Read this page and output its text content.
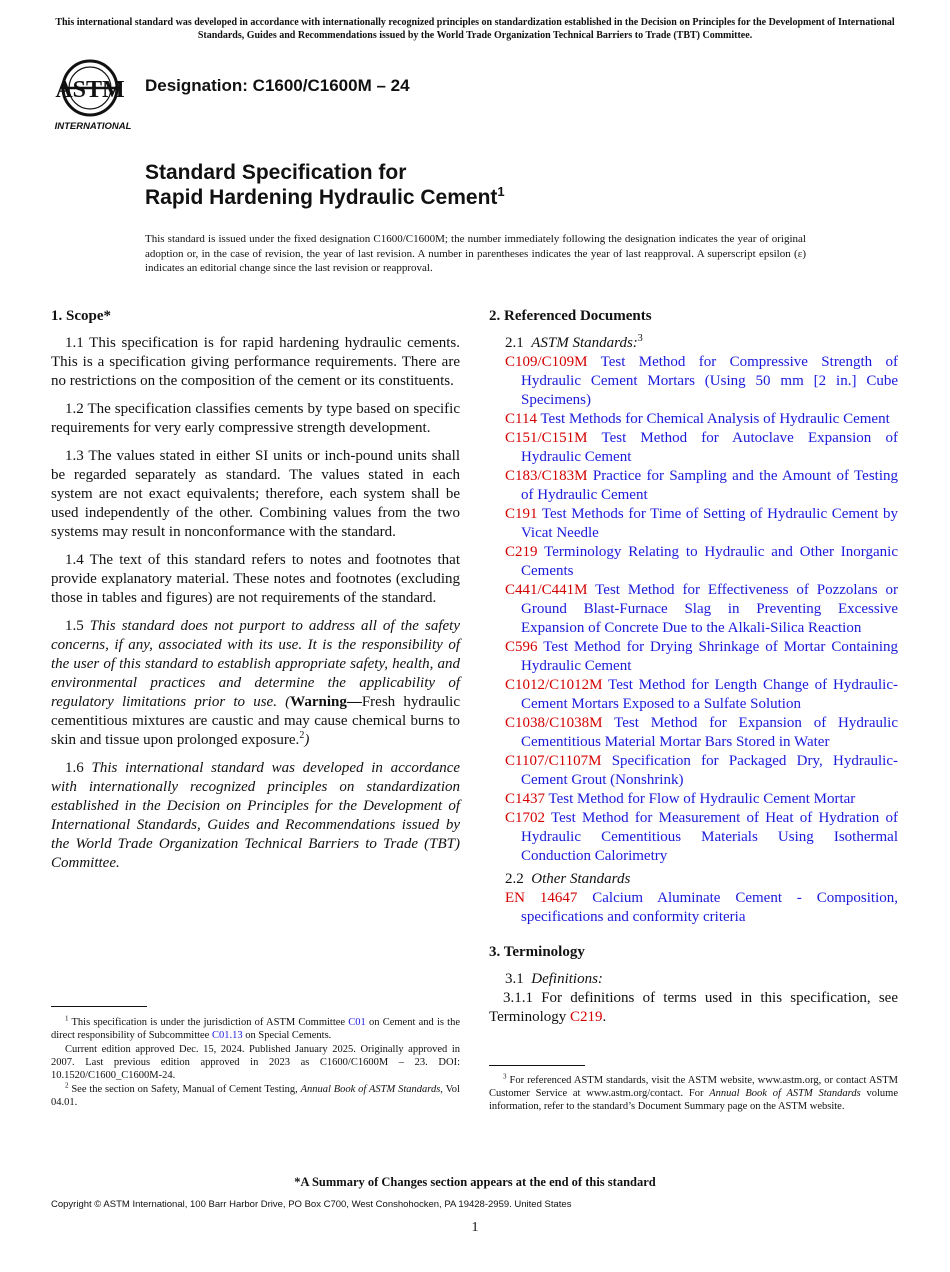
This international standard was developed in accordance with internationally recognized principles on standardization established in the Decision on Principles for the Development of International Standards, Guides and Recommendations issued by the World Trade Organization Technical Barriers to Trade (TBT) Committee.
ASTM
INTERNATIONAL
Designation: C1600/C1600M – 24
Standard Specification for
Rapid Hardening Hydraulic Cement$^1$
This standard is issued under the fixed designation C1600/C1600M; the number immediately following the designation indicates the year of original adoption or, in the case of revision, the year of last revision. A number in parentheses indicates the year of last reapproval. A superscript epsilon (ε) indicates an editorial change since the last revision or reapproval.
1. Scope*

1.1 This specification is for rapid hardening hydraulic cements. This is a specification giving performance requirements. There are no restrictions on the composition of the cement or its constituents.

1.2 The specification classifies cements by type based on specific requirements for very early compressive strength development.

1.3 The values stated in either SI units or inch-pound units shall be regarded separately as standard. The values stated in each system are not exact equivalents; therefore, each system shall be used independently of the other. Combining values from the two systems may result in nonconformance with the standard.

1.4 The text of this standard refers to notes and footnotes that provide explanatory material. These notes and footnotes (excluding those in tables and figures) are not requirements of the standard.

1.5 This standard does not purport to address all of the safety concerns, if any, associated with its use. It is the responsibility of the user of this standard to establish appropriate safety, health, and environmental practices and determine the applicability of regulatory limitations prior to use. (Warning—Fresh hydraulic cementitious mixtures are caustic and may cause chemical burns to skin and tissue upon prolonged exposure.$^2$)

1.6 This international standard was developed in accordance with internationally recognized principles on standardization established in the Decision on Principles for the Development of International Standards, Guides and Recommendations issued by the World Trade Organization Technical Barriers to Trade (TBT) Committee.

2. Referenced Documents

2.1 ASTM Standards:$^3$

C109/C109M Test Method for Compressive Strength of Hydraulic Cement Mortars (Using 50 mm [2 in.] Cube Specimens)

C114 Test Methods for Chemical Analysis of Hydraulic Cement

C151/C151M Test Method for Autoclave Expansion of Hydraulic Cement

C183/C183M Practice for Sampling and the Amount of Testing of Hydraulic Cement

C191 Test Methods for Time of Setting of Hydraulic Cement by Vicat Needle

C219 Terminology Relating to Hydraulic and Other Inorganic Cements

C441/C441M Test Method for Effectiveness of Pozzolans or Ground Blast-Furnace Slag in Preventing Excessive Expansion of Concrete Due to the Alkali-Silica Reaction

C596 Test Method for Drying Shrinkage of Mortar Containing Hydraulic Cement

C1012/C1012M Test Method for Length Change of Hydraulic-Cement Mortars Exposed to a Sulfate Solution

C1038/C1038M Test Method for Expansion of Hydraulic Cementitious Material Mortar Bars Stored in Water

C1107/C1107M Specification for Packaged Dry, Hydraulic-Cement Grout (Nonshrink)

C1437 Test Method for Flow of Hydraulic Cement Mortar

C1702 Test Method for Measurement of Heat of Hydration of Hydraulic Cementitious Materials Using Isothermal Conduction Calorimetry

2.2 Other Standards

EN 14647 Calcium Aluminate Cement - Composition, specifications and conformity criteria

3. Terminology

3.1 Definitions:

3.1.1 For definitions of terms used in this specification, see Terminology C219.

$^1$ This specification is under the jurisdiction of ASTM Committee C01 on Cement and is the direct responsibility of Subcommittee C01.13 on Special Cements.

Current edition approved Dec. 15, 2024. Published January 2025. Originally approved in 2007. Last previous edition approved in 2023 as C1600/C1600M – 23. DOI: 10.1520/C1600_C1600M-24.

$^2$ See the section on Safety, Manual of Cement Testing, Annual Book of ASTM Standards, Vol 04.01.

$^3$ For referenced ASTM standards, visit the ASTM website, www.astm.org, or contact ASTM Customer Service at www.astm.org/contact. For Annual Book of ASTM Standards volume information, refer to the standard’s Document Summary page on the ASTM website.

*A Summary of Changes section appears at the end of this standard
Copyright © ASTM International, 100 Barr Harbor Drive, PO Box C700, West Conshohocken, PA 19428-2959. United States
1
